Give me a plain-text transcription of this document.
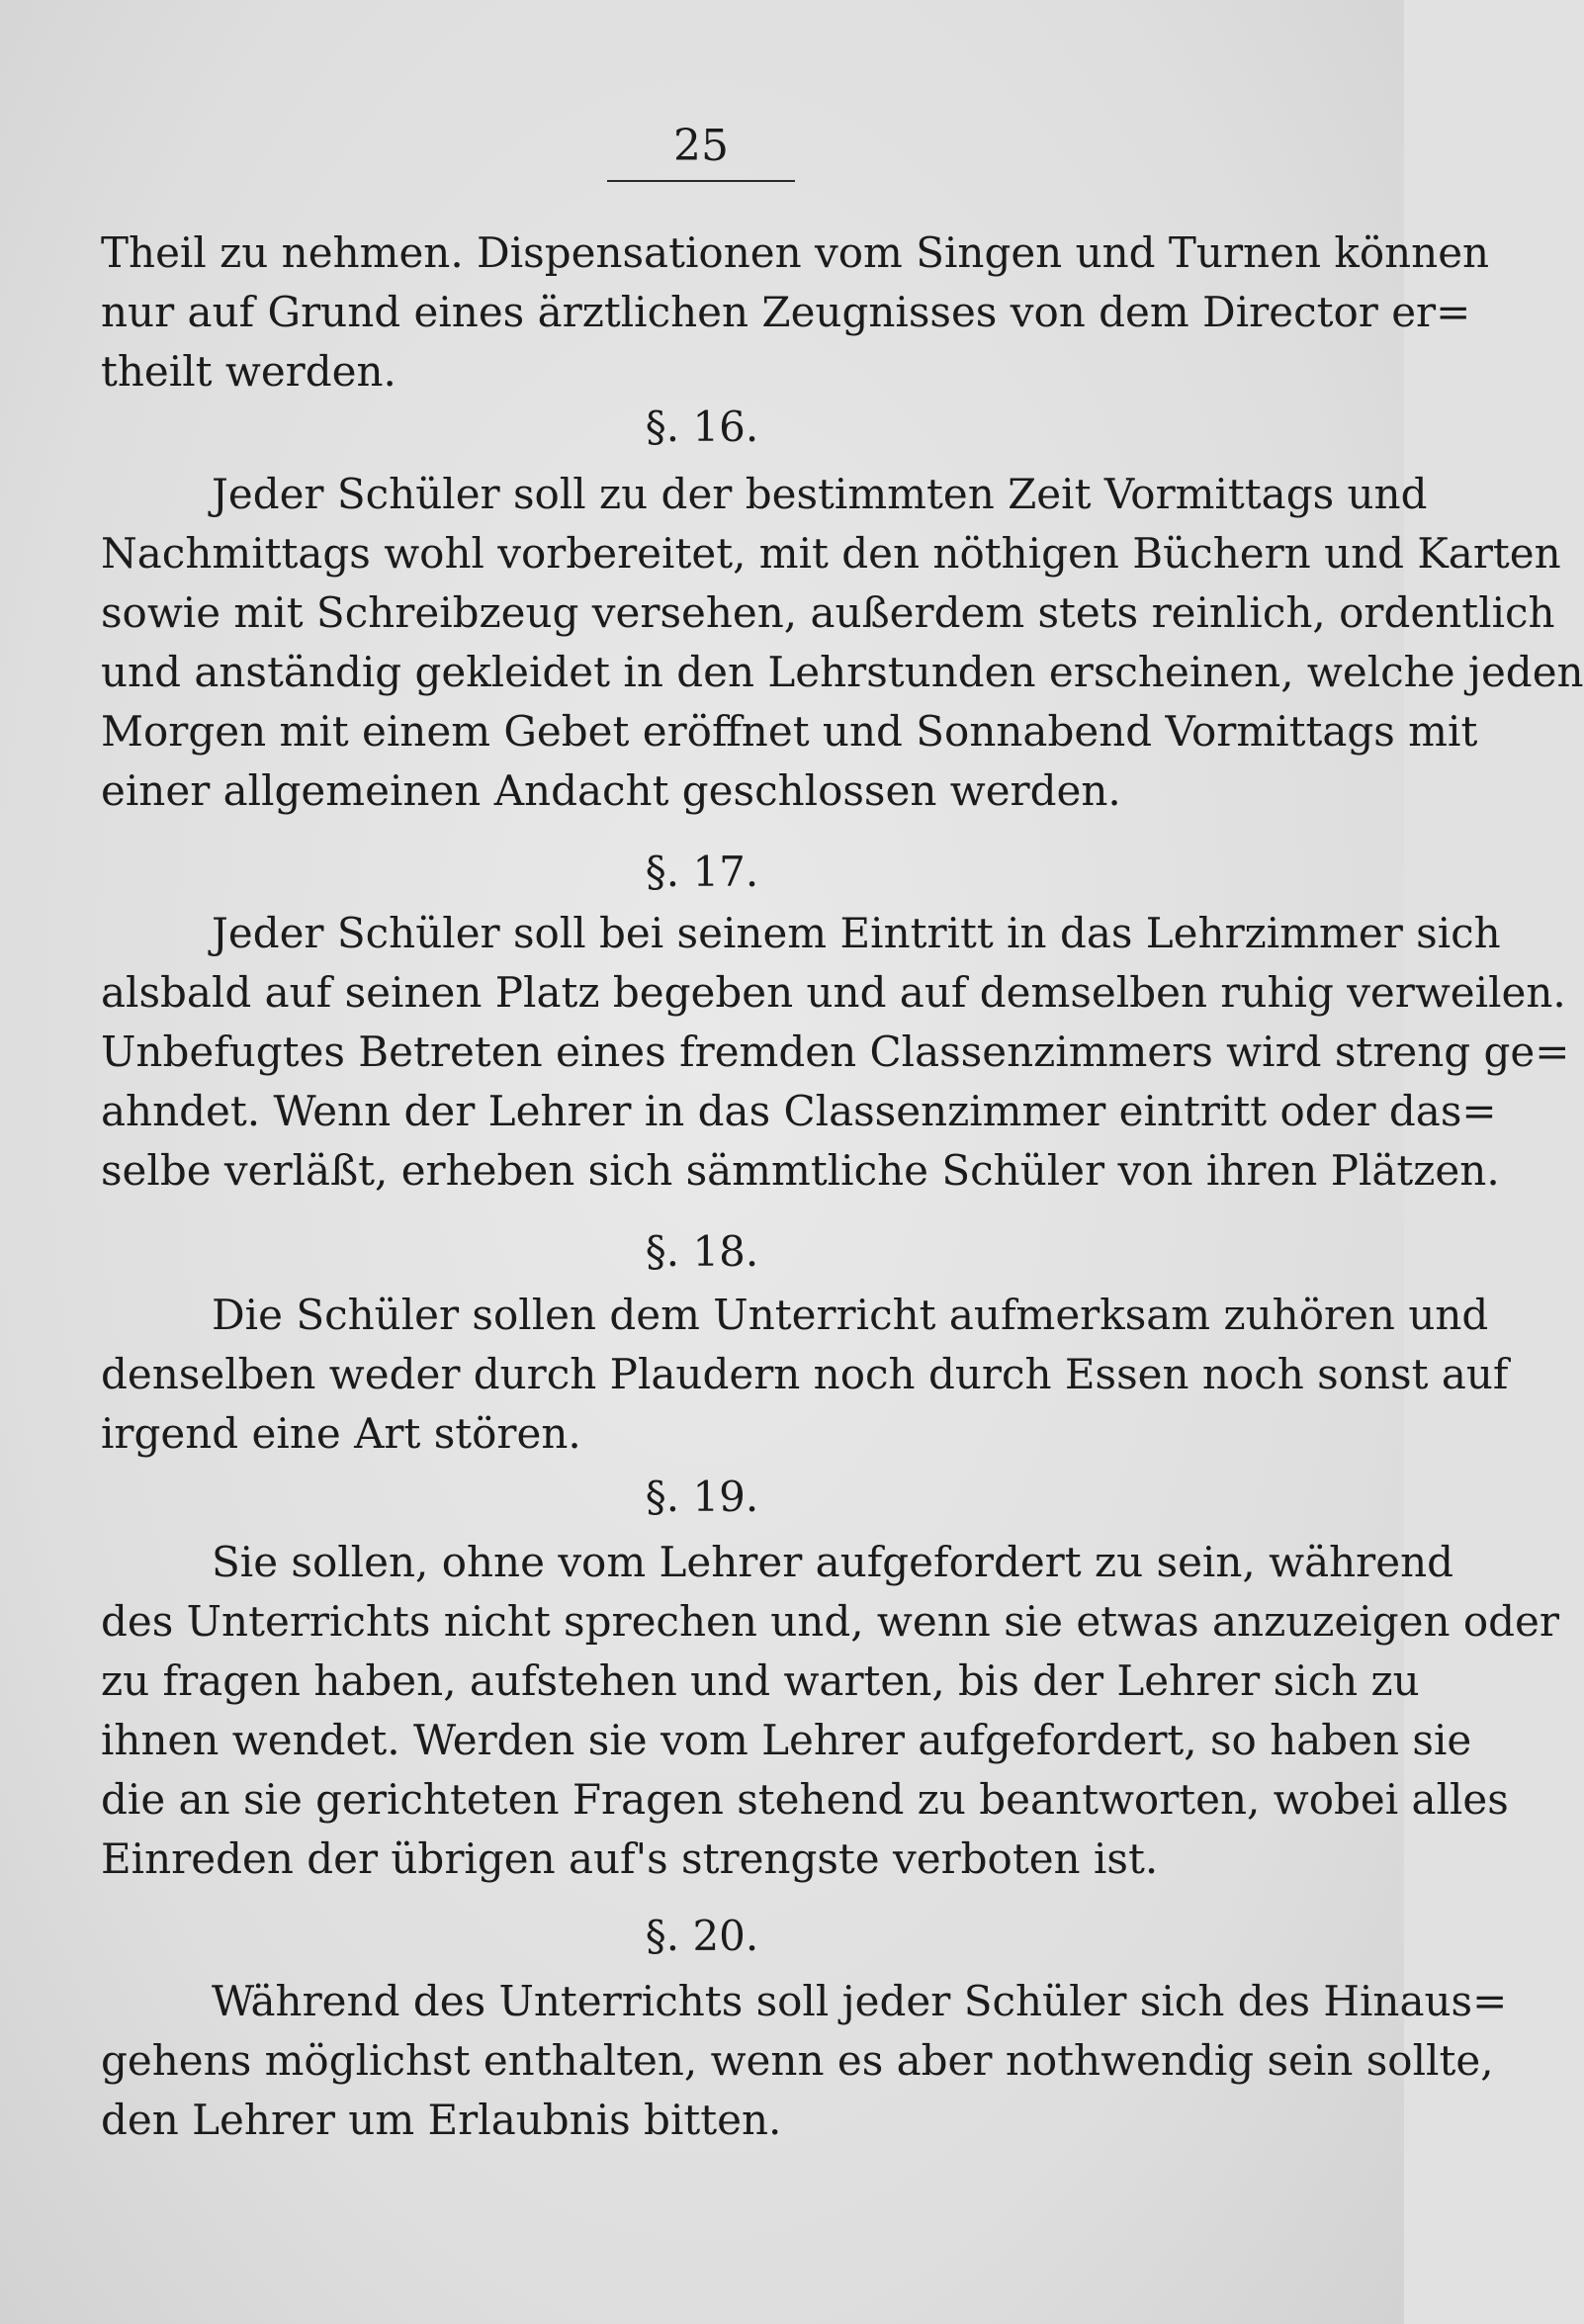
25
Theil zu nehmen. Dispensationen vom Singen und Turnen können
nur auf Grund eines ärztlichen Zeugnisses von dem Director er=
theilt werden.
§. 16.
Jeder Schüler soll zu der bestimmten Zeit Vormittags und
Nachmittags wohl vorbereitet, mit den nöthigen Büchern und Karten
sowie mit Schreibzeug versehen, außerdem stets reinlich, ordentlich
und anständig gekleidet in den Lehrstunden erscheinen, welche jeden
Morgen mit einem Gebet eröffnet und Sonnabend Vormittags mit
einer allgemeinen Andacht geschlossen werden.
§. 17.
Jeder Schüler soll bei seinem Eintritt in das Lehrzimmer sich
alsbald auf seinen Platz begeben und auf demselben ruhig verweilen.
Unbefugtes Betreten eines fremden Classenzimmers wird streng ge=
ahndet. Wenn der Lehrer in das Classenzimmer eintritt oder das=
selbe verläßt, erheben sich sämmtliche Schüler von ihren Plätzen.
§. 18.
Die Schüler sollen dem Unterricht aufmerksam zuhören und
denselben weder durch Plaudern noch durch Essen noch sonst auf
irgend eine Art stören.
§. 19.
Sie sollen, ohne vom Lehrer aufgefordert zu sein, während
des Unterrichts nicht sprechen und, wenn sie etwas anzuzeigen oder
zu fragen haben, aufstehen und warten, bis der Lehrer sich zu
ihnen wendet. Werden sie vom Lehrer aufgefordert, so haben sie
die an sie gerichteten Fragen stehend zu beantworten, wobei alles
Einreden der übrigen auf's strengste verboten ist.
§. 20.
Während des Unterrichts soll jeder Schüler sich des Hinaus=
gehens möglichst enthalten, wenn es aber nothwendig sein sollte,
den Lehrer um Erlaubnis bitten.
